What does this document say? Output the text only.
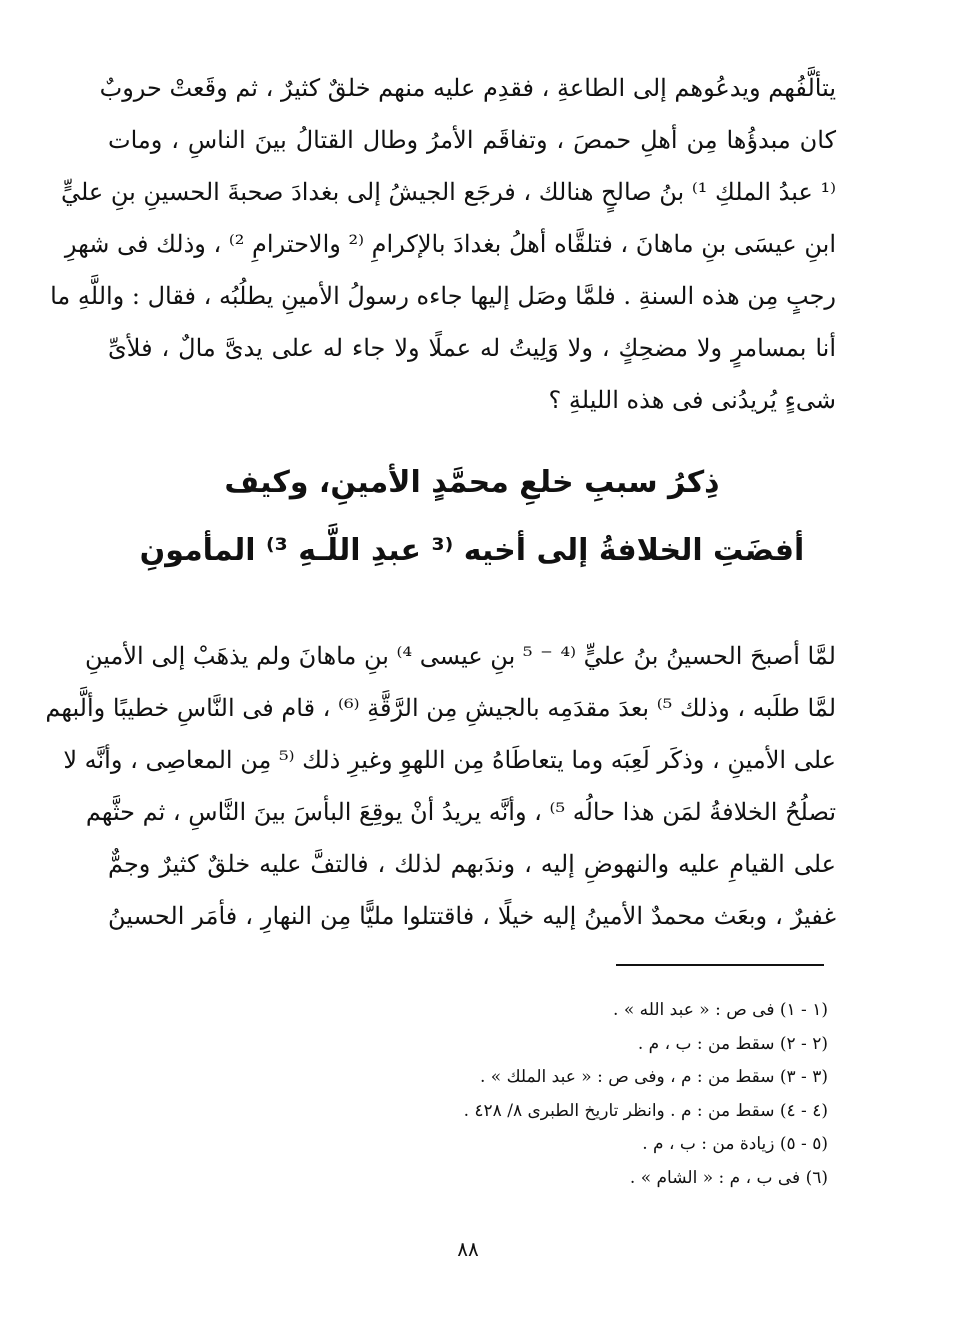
يتألَّفُهم ويدعُوهم إلى الطاعةِ ، فقدِم عليه منهم خلقٌ كثيرٌ ، ثم وقَعتْ حروبٌ
كان مبدؤُها مِن أهلِ حمصَ ، وتفاقَم الأمرُ وطال القتالُ بينَ الناسِ ، ومات
⁽¹ عبدُ الملكِ ¹⁾ بنُ صالحٍ هنالك ، فرجَع الجيشُ إلى بغدادَ صحبةَ الحسينِ بنِ عليٍّ
ابنِ عيسَى بنِ ماهانَ ، فتلقَّاه أهلُ بغدادَ بالإكرامِ ⁽² والاحترامِ ²⁾ ، وذلك فى شهرِ
رجبٍ مِن هذه السنةِ . فلمَّا وصَل إليها جاءه رسولُ الأمينِ يطلُبُه ، فقال : واللَّهِ ما
أنا بمسامرٍ ولا مضحِكٍ ، ولا وَلِيتُ له عملًا ولا جاء له على يدىَّ مالٌ ، فلأىِّ
شىءٍ يُريدُنى فى هذه الليلةِ ؟
ذِكرُ سببِ خلعِ محمَّدٍ الأمينِ، وكيف
أفضَتِ الخلافةُ إلى أخيه ⁽³ عبدِ اللَّـهِ ³⁾ المأمونِ
لمَّا أصبحَ الحسينُ بنُ عليٍّ ⁽⁴ ⁻ ⁵ بنِ عيسى ⁴⁾ بنِ ماهانَ ولم يذهَبْ إلى الأمينِ
لمَّا طلَبه ، وذلك ⁵⁾ بعدَ مقدَمِه بالجيشِ مِن الرَّقَّةِ ⁽⁶⁾ ، قام فى النَّاسِ خطيبًا وألَّبهم
على الأمينِ ، وذكَر لَعِبَه وما يتعاطَاهُ مِن اللهوِ وغيرِ ذلك ⁽⁵ مِن المعاصِى ، وأنَّه لا
تصلُحُ الخلافةُ لمَن هذا حالُه ⁵⁾ ، وأنَّه يريدُ أنْ يوقِعَ البأسَ بينَ النَّاسِ ، ثم حثَّهم
على القيامِ عليه والنهوضِ إليه ، وندَبهم لذلك ، فالتفَّ عليه خلقٌ كثيرٌ وجمٌّ
غفيرٌ ، وبعَث محمدٌ الأمينُ إليه خيلًا ، فاقتتلوا مليًّا مِن النهارِ ، فأمَر الحسينُ
(١ - ١) فى ص : « عبد الله » .
(٢ - ٢) سقط من : ب ، م .
(٣ - ٣) سقط من : م ، وفى ص : « عبد الملك » .
(٤ - ٤) سقط من : م . وانظر تاريخ الطبرى ٨/ ٤٢٨ .
(٥ - ٥) زيادة من : ب ، م .
(٦) فى ب ، م : « الشام » .
٨٨
